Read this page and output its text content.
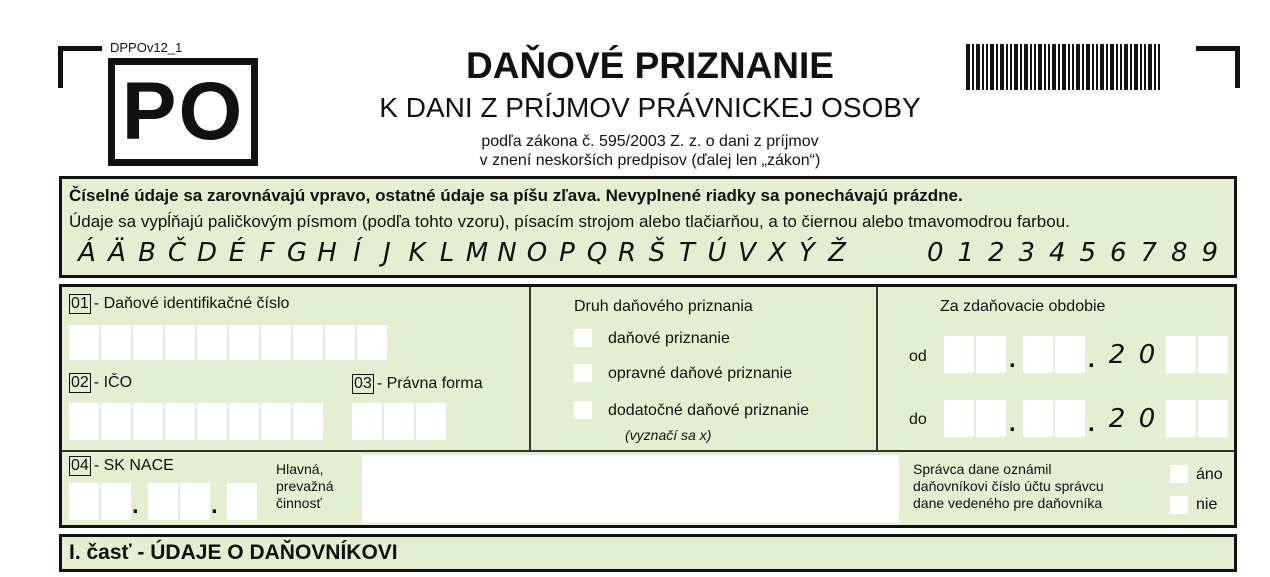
DPPOv12_1
PO
DAŇOVÉ PRIZNANIE
K DANI Z PRÍJMOV PRÁVNICKEJ OSOBY
podľa zákona č. 595/2003 Z. z. o dani z príjmov
v znení neskorších predpisov (ďalej len „zákon“)
Číselné údaje sa zarovnávajú vpravo, ostatné údaje sa píšu zľava. Nevyplnené riadky sa ponechávajú prázdne.
Údaje sa vypĺňajú paličkovým písmom (podľa tohto vzoru), písacím strojom alebo tlačiarňou, a to čiernou alebo tmavomodrou farbou.
Á Ä B Č D É F G H Í J K L M N O P Q R Š T Ú V X Ý Ž	0 1 2 3 4 5 6 7 8 9
01 - Daňové identifikačné číslo
02 - IČO	03 - Právna forma
Druh daňového priznania
daňové priznanie
opravné daňové priznanie
dodatočné daňové priznanie
(vyznačí sa x)
Za zdaňovacie obdobie
od	.	. 2 0
do	.	. 2 0
04 - SK NACE
.	.
Hlavná,
prevažná
činnosť
Správca dane oznámil
daňovníkovi číslo účtu správcu
dane vedeného pre daňovníka
áno
nie
I. časť - ÚDAJE O DAŇOVNÍKOVI
